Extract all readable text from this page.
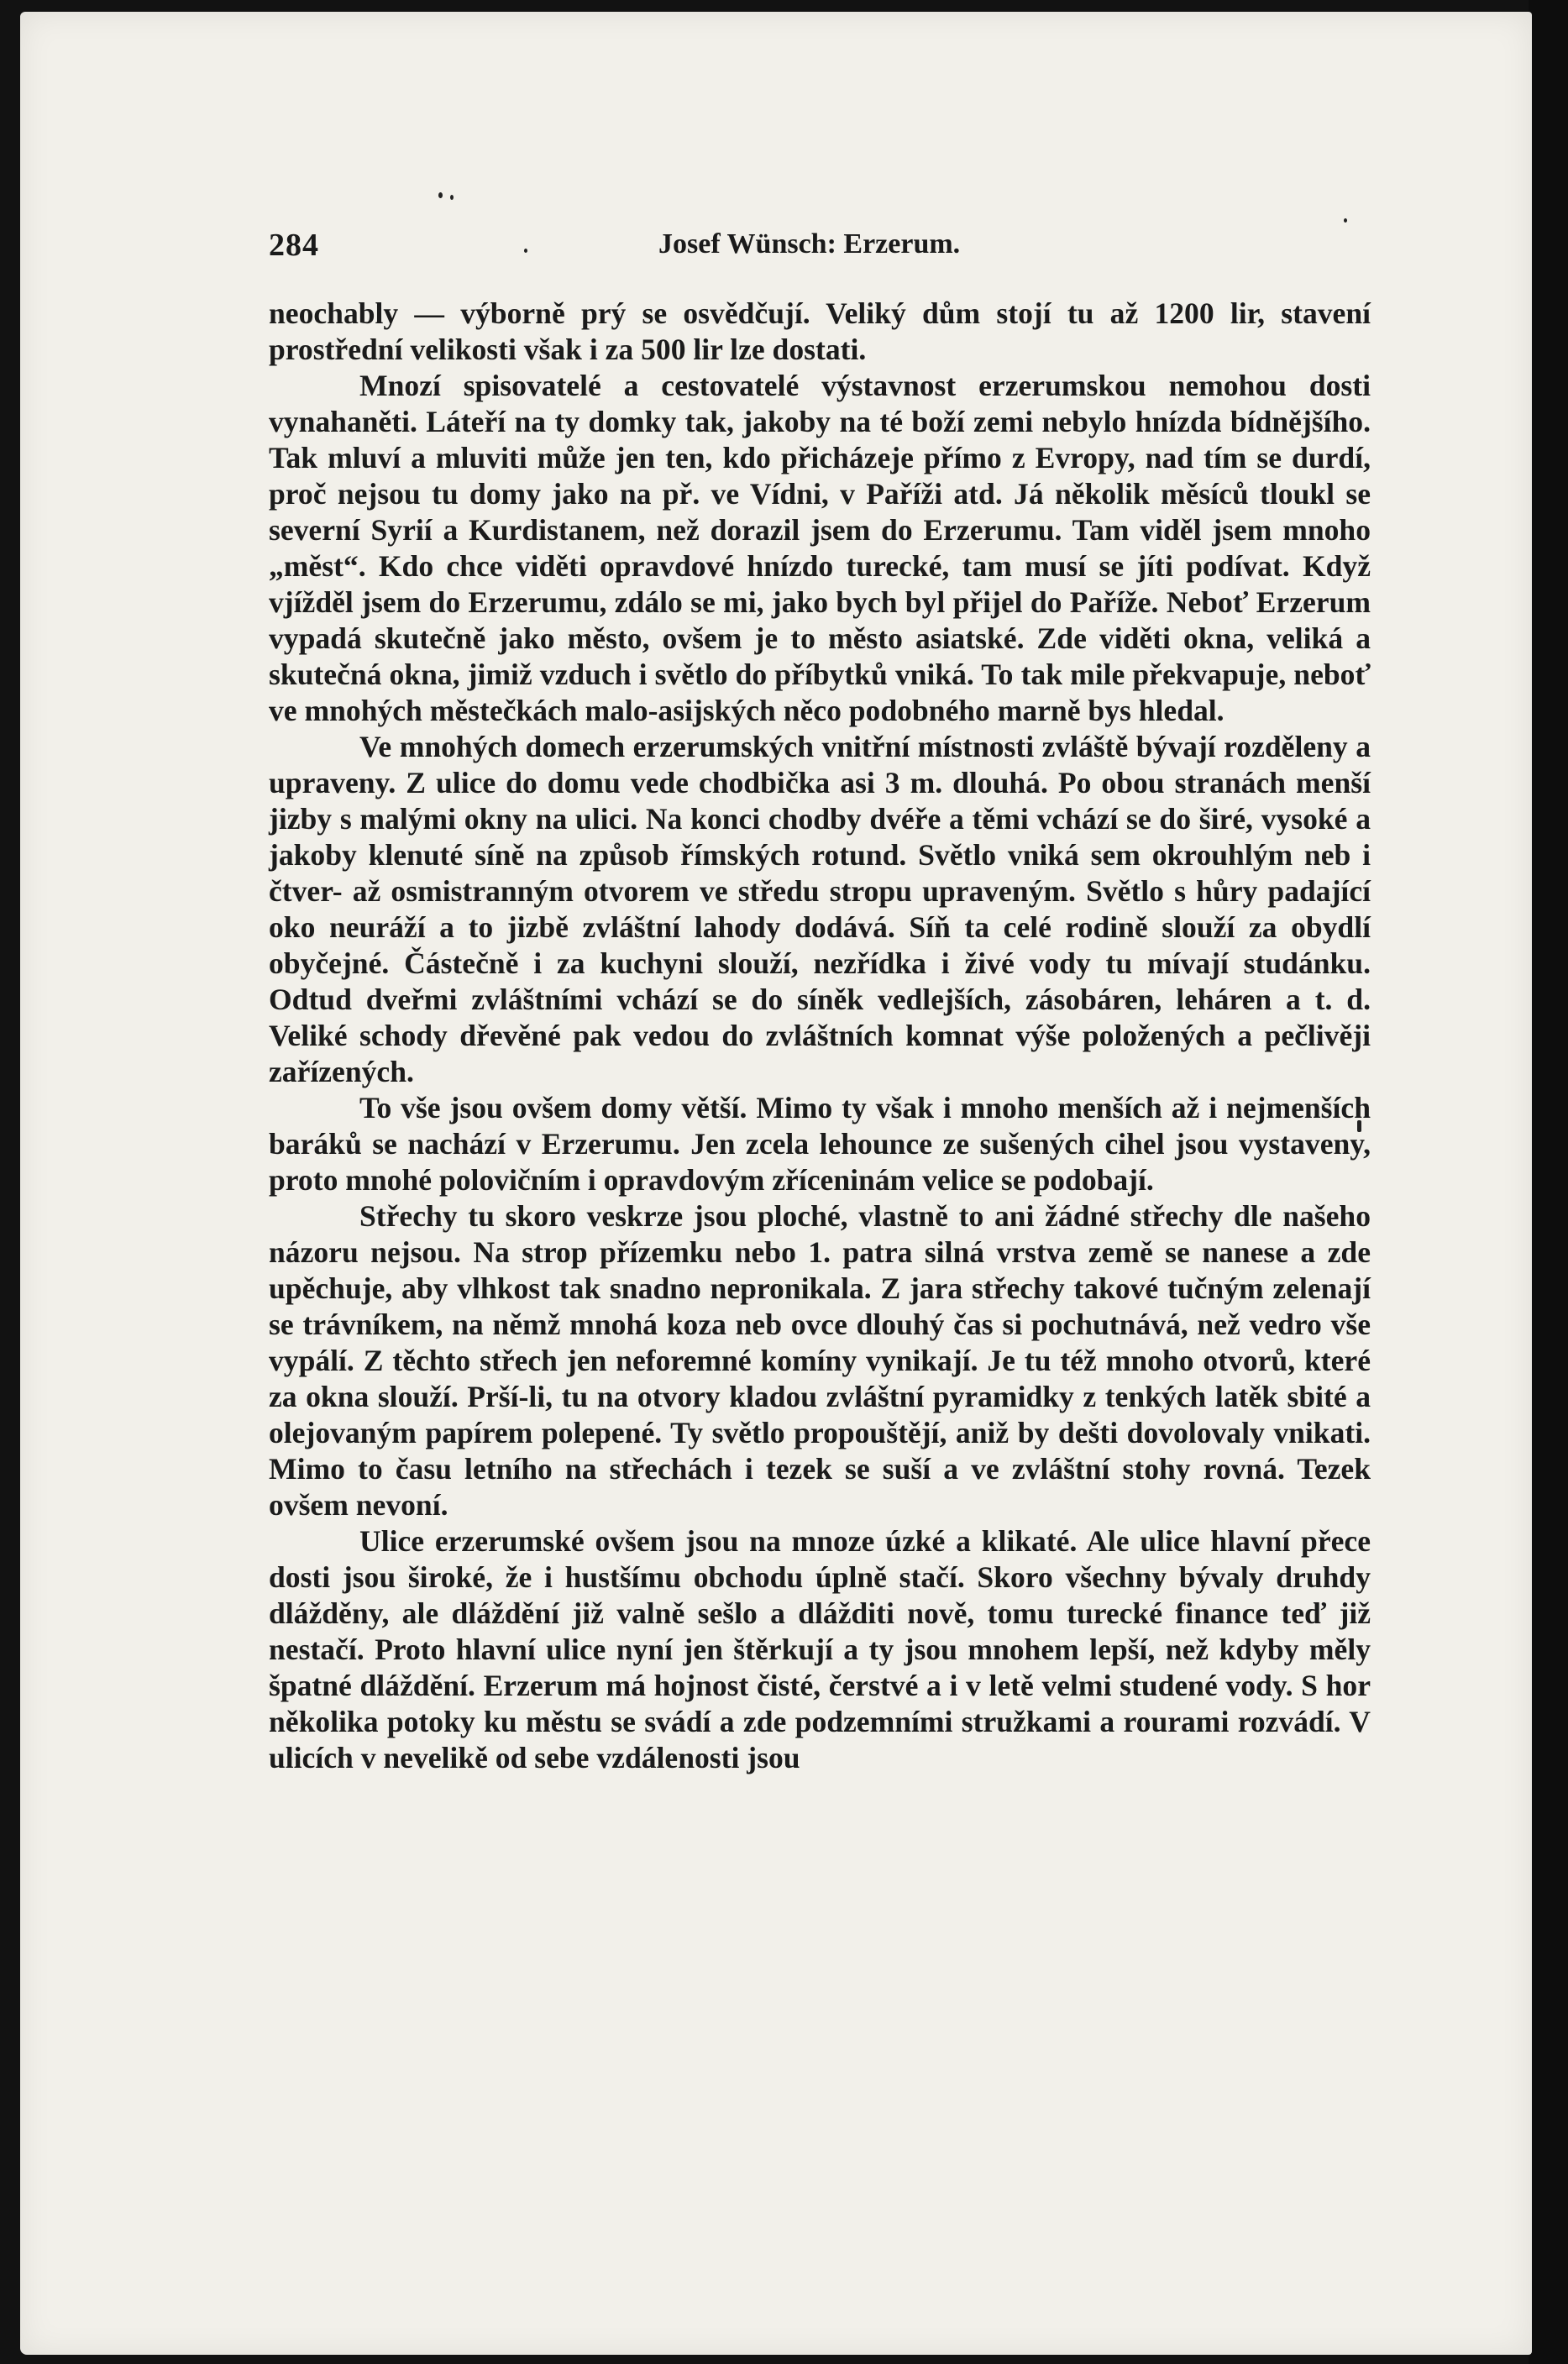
284	Josef Wünsch: Erzerum.

neochably — výborně prý se osvědčují. Veliký dům stojí tu až 1200 lir, stavení prostřední velikosti však i za 500 lir lze dostati.

Mnozí spisovatelé a cestovatelé výstavnost erzerumskou nemohou dosti vynahaněti. Láteří na ty domky tak, jakoby na té boží zemi nebylo hnízda bídnějšího. Tak mluví a mluviti může jen ten, kdo přicházeje přímo z Evropy, nad tím se durdí, proč nejsou tu domy jako na př. ve Vídni, v Paříži atd. Já několik měsíců tloukl se severní Syrií a Kurdistanem, než dorazil jsem do Erzerumu. Tam viděl jsem mnoho „měst“. Kdo chce viděti opravdové hnízdo turecké, tam musí se jíti podívat. Když vjížděl jsem do Erzerumu, zdálo se mi, jako bych byl přijel do Paříže. Neboť Erzerum vypadá skutečně jako město, ovšem je to město asiatské. Zde viděti okna, veliká a skutečná okna, jimiž vzduch i světlo do příbytků vniká. To tak mile překvapuje, neboť ve mnohých městečkách malo-asijských něco podobného marně bys hledal.

Ve mnohých domech erzerumských vnitřní místnosti zvláště bývají rozděleny a upraveny. Z ulice do domu vede chodbička asi 3 m. dlouhá. Po obou stranách menší jizby s malými okny na ulici. Na konci chodby dvéře a těmi vchází se do širé, vysoké a jakoby klenuté síně na způsob římských rotund. Světlo vniká sem okrouhlým neb i čtver- až osmistranným otvorem ve středu stropu upraveným. Světlo s hůry padající oko neuráží a to jizbě zvláštní lahody dodává. Síň ta celé rodině slouží za obydlí obyčejné. Částečně i za kuchyni slouží, nezřídka i živé vody tu mívají studánku. Odtud dveřmi zvláštními vchází se do síněk vedlejších, zásobáren, leháren a t. d. Veliké schody dřevěné pak vedou do zvláštních komnat výše položených a pečlivěji zařízených.

To vše jsou ovšem domy větší. Mimo ty však i mnoho menších až i nejmenších baráků se nachází v Erzerumu. Jen zcela lehounce ze sušených cihel jsou vystaveny, proto mnohé polovičním i opravdovým zříceninám velice se podobají.

Střechy tu skoro veskrze jsou ploché, vlastně to ani žádné střechy dle našeho názoru nejsou. Na strop přízemku nebo 1. patra silná vrstva země se nanese a zde upěchuje, aby vlhkost tak snadno nepronikala. Z jara střechy takové tučným zelenají se trávníkem, na němž mnohá koza neb ovce dlouhý čas si pochutnává, než vedro vše vypálí. Z těchto střech jen neforemné komíny vynikají. Je tu též mnoho otvorů, které za okna slouží. Prší-li, tu na otvory kladou zvláštní pyramidky z tenkých latěk sbité a olejovaným papírem polepené. Ty světlo propouštějí, aniž by dešti dovolovaly vnikati. Mimo to času letního na střechách i tezek se suší a ve zvláštní stohy rovná. Tezek ovšem nevoní.

Ulice erzerumské ovšem jsou na mnoze úzké a klikaté. Ale ulice hlavní přece dosti jsou široké, že i hustšímu obchodu úplně stačí. Skoro všechny bývaly druhdy dlážděny, ale dláždění již valně sešlo a dlážditi nově, tomu turecké finance teď již nestačí. Proto hlavní ulice nyní jen štěrkují a ty jsou mnohem lepší, než kdyby měly špatné dláždění. Erzerum má hojnost čisté, čerstvé a i v letě velmi studené vody. S hor několika potoky ku městu se svádí a zde podzemními stružkami a rourami rozvádí. V ulicích v nevelikě od sebe vzdálenosti jsou
